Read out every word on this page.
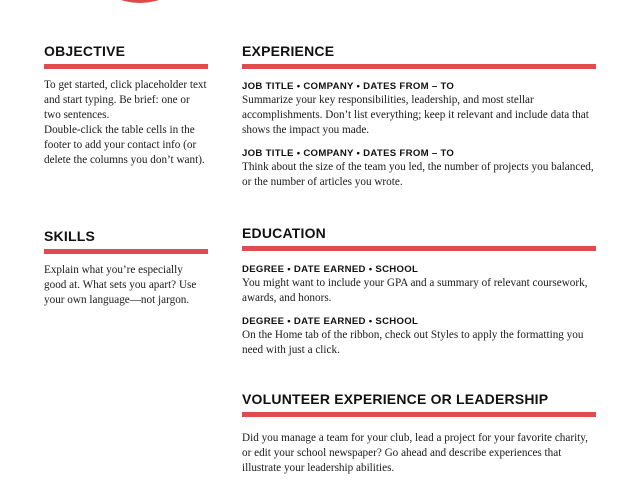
OBJECTIVE

To get started, click placeholder text and start typing. Be brief: one or two sentences.

Double-click the table cells in the footer to add your contact info (or delete the columns you don’t want).

SKILLS

Explain what you’re especially good at. What sets you apart? Use your own language—not jargon.

EXPERIENCE

JOB TITLE • COMPANY • DATES FROM – TO

Summarize your key responsibilities, leadership, and most stellar accomplishments. Don’t list everything; keep it relevant and include data that shows the impact you made.

JOB TITLE • COMPANY • DATES FROM – TO

Think about the size of the team you led, the number of projects you balanced, or the number of articles you wrote.

EDUCATION

DEGREE • DATE EARNED • SCHOOL

You might want to include your GPA and a summary of relevant coursework, awards, and honors.

DEGREE • DATE EARNED • SCHOOL

On the Home tab of the ribbon, check out Styles to apply the formatting you need with just a click.

VOLUNTEER EXPERIENCE OR LEADERSHIP

Did you manage a team for your club, lead a project for your favorite charity, or edit your school newspaper? Go ahead and describe experiences that illustrate your leadership abilities.
